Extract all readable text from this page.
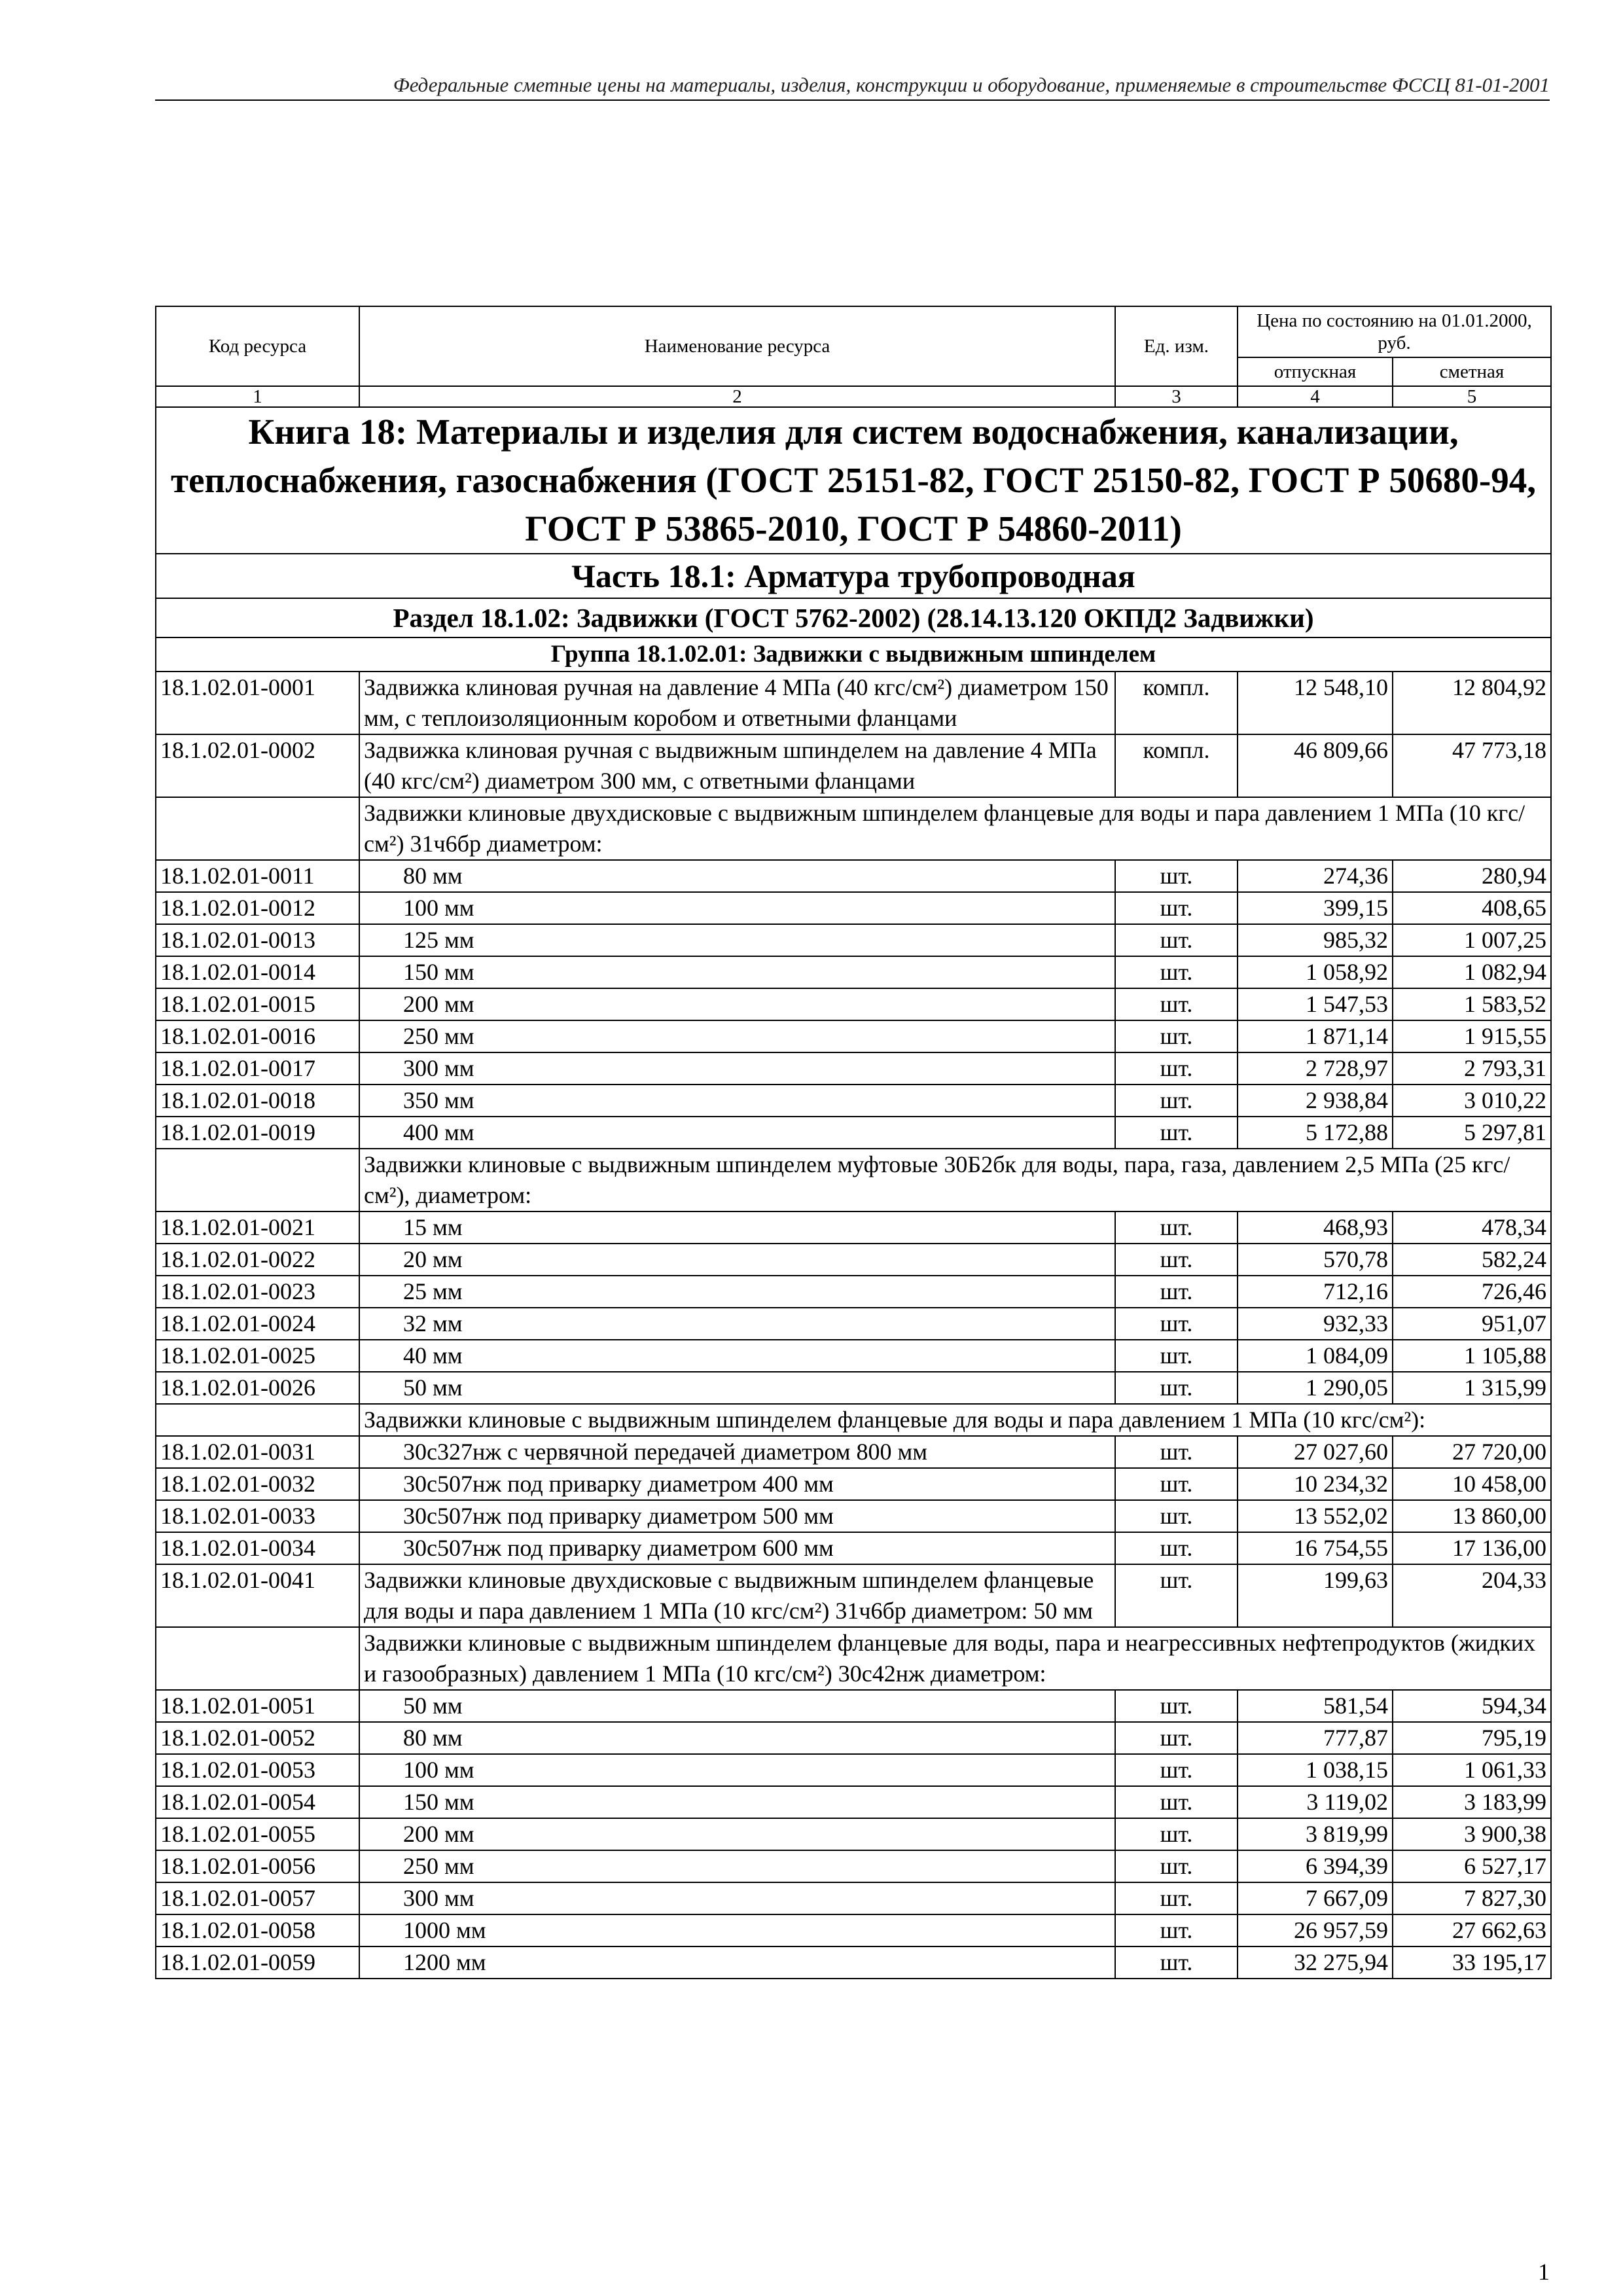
Федеральные сметные цены на материалы, изделия, конструкции и оборудование, применяемые в строительстве ФССЦ 81-01-2001
Код ресурса	Наименование ресурса	Ед. изм.	Цена по состоянию на 01.01.2000, руб.	
			отпускная	сметная
1	2	3	4	5
Книга 18: Материалы и изделия для систем водоснабжения, канализации, теплоснабжения, газоснабжения (ГОСТ 25151-82, ГОСТ 25150-82, ГОСТ Р 50680-94, ГОСТ Р 53865-2010, ГОСТ Р 54860-2011)				
Часть 18.1: Арматура трубопроводная				
Раздел 18.1.02: Задвижки (ГОСТ 5762-2002) (28.14.13.120 ОКПД2 Задвижки)				
Группа 18.1.02.01: Задвижки с выдвижным шпинделем				
18.1.02.01-0001	Задвижка клиновая ручная на давление 4 МПа (40 кгс/см²) диаметром 150 мм, с теплоизоляционным коробом и ответными фланцами	компл.	12 548,10	12 804,92
18.1.02.01-0002	Задвижка клиновая ручная с выдвижным шпинделем на давление 4 МПа (40 кгс/см²) диаметром 300 мм, с ответными фланцами	компл.	46 809,66	47 773,18
	Задвижки клиновые двухдисковые с выдвижным шпинделем фланцевые для воды и пара давлением 1 МПа (10 кгс/см²) 31ч6бр диаметром:			
18.1.02.01-0011	80 мм	шт.	274,36	280,94
18.1.02.01-0012	100 мм	шт.	399,15	408,65
18.1.02.01-0013	125 мм	шт.	985,32	1 007,25
18.1.02.01-0014	150 мм	шт.	1 058,92	1 082,94
18.1.02.01-0015	200 мм	шт.	1 547,53	1 583,52
18.1.02.01-0016	250 мм	шт.	1 871,14	1 915,55
18.1.02.01-0017	300 мм	шт.	2 728,97	2 793,31
18.1.02.01-0018	350 мм	шт.	2 938,84	3 010,22
18.1.02.01-0019	400 мм	шт.	5 172,88	5 297,81
	Задвижки клиновые с выдвижным шпинделем муфтовые 30Б2бк для воды, пара, газа, давлением 2,5 МПа (25 кгс/см²), диаметром:			
18.1.02.01-0021	15 мм	шт.	468,93	478,34
18.1.02.01-0022	20 мм	шт.	570,78	582,24
18.1.02.01-0023	25 мм	шт.	712,16	726,46
18.1.02.01-0024	32 мм	шт.	932,33	951,07
18.1.02.01-0025	40 мм	шт.	1 084,09	1 105,88
18.1.02.01-0026	50 мм	шт.	1 290,05	1 315,99
	Задвижки клиновые с выдвижным шпинделем фланцевые для воды и пара давлением 1 МПа (10 кгс/см²):			
18.1.02.01-0031	30с327нж с червячной передачей диаметром 800 мм	шт.	27 027,60	27 720,00
18.1.02.01-0032	30с507нж под приварку диаметром 400 мм	шт.	10 234,32	10 458,00
18.1.02.01-0033	30с507нж под приварку диаметром 500 мм	шт.	13 552,02	13 860,00
18.1.02.01-0034	30с507нж под приварку диаметром 600 мм	шт.	16 754,55	17 136,00
18.1.02.01-0041	Задвижки клиновые двухдисковые с выдвижным шпинделем фланцевые для воды и пара давлением 1 МПа (10 кгс/см²) 31ч6бр диаметром: 50 мм	шт.	199,63	204,33
	Задвижки клиновые с выдвижным шпинделем фланцевые для воды, пара и неагрессивных нефтепродуктов (жидких и газообразных) давлением 1 МПа (10 кгс/см²) 30с42нж диаметром:			
18.1.02.01-0051	50 мм	шт.	581,54	594,34
18.1.02.01-0052	80 мм	шт.	777,87	795,19
18.1.02.01-0053	100 мм	шт.	1 038,15	1 061,33
18.1.02.01-0054	150 мм	шт.	3 119,02	3 183,99
18.1.02.01-0055	200 мм	шт.	3 819,99	3 900,38
18.1.02.01-0056	250 мм	шт.	6 394,39	6 527,17
18.1.02.01-0057	300 мм	шт.	7 667,09	7 827,30
18.1.02.01-0058	1000 мм	шт.	26 957,59	27 662,63
18.1.02.01-0059	1200 мм	шт.	32 275,94	33 195,17
1
